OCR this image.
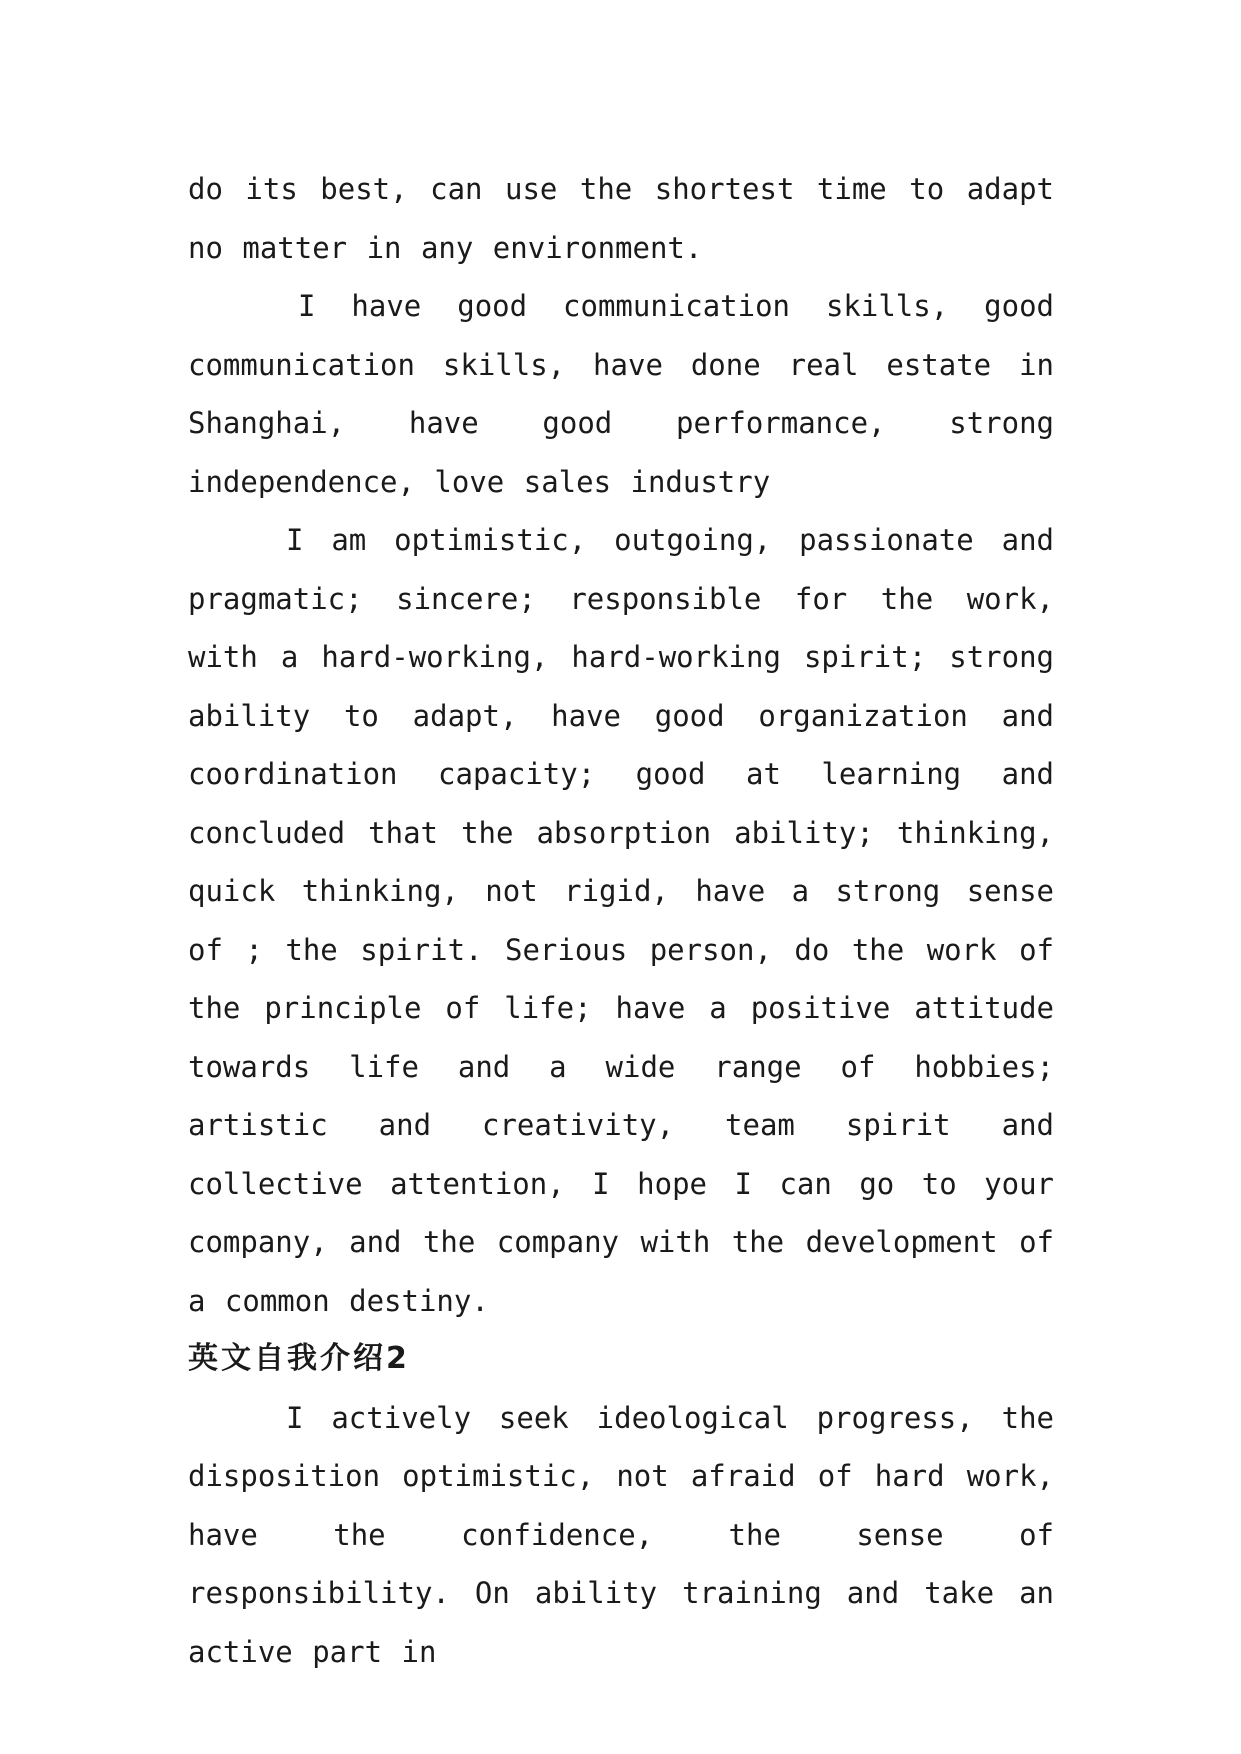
do its best, can use the shortest time to adapt no matter in any environment.

I have good communication skills, good communication skills, have done real estate in Shanghai, have good performance, strong independence, love sales industry

I am optimistic, outgoing, passionate and pragmatic; sincere; responsible for the work, with a hard-working, hard-working spirit; strong ability to adapt, have good organization and coordination capacity; good at learning and concluded that the absorption ability; thinking, quick thinking, not rigid, have a strong sense of ; the spirit. Serious person, do the work of the principle of life; have a positive attitude towards life and a wide range of hobbies; artistic and creativity, team spirit and collective attention, I hope I can go to your company, and the company with the development of a common destiny.

英文自我介绍2

I actively seek ideological progress, the disposition optimistic, not afraid of hard work, have the confidence, the sense of responsibility. On ability training and take an active part in
